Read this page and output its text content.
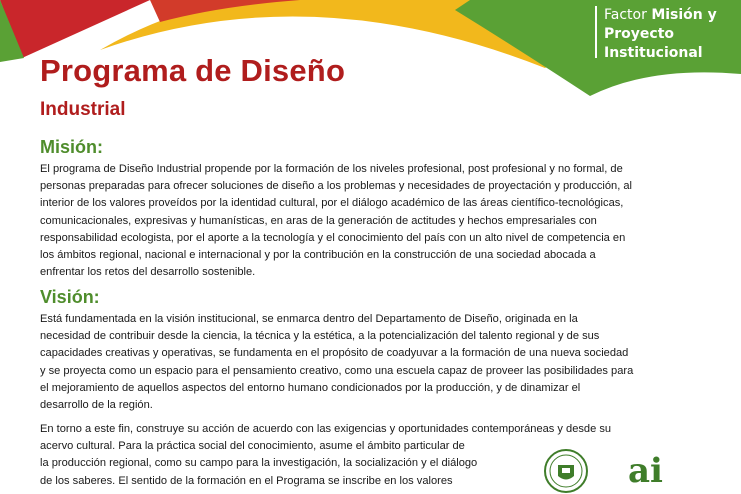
Factor Misión y
Proyecto
Institucional
Programa de Diseño
Industrial
Misión:
El programa de Diseño Industrial propende por la formación de los niveles profesional, post profesional y no formal, de
personas preparadas para ofrecer soluciones de diseño a los problemas y necesidades de proyectación y producción, al
interior de los valores proveídos por la identidad cultural, por el diálogo académico de las áreas científico-tecnológicas,
comunicacionales, expresivas y humanísticas, en aras de la generación de actitudes y hechos empresariales con
responsabilidad ecologista, por el aporte a la tecnología y el conocimiento del país con un alto nivel de competencia en
los ámbitos regional, nacional e internacional y por la contribución en la construcción de una sociedad abocada a
enfrentar los retos del desarrollo sostenible.
Visión:
Está fundamentada en la visión institucional, se enmarca dentro del Departamento de Diseño, originada en la
necesidad de contribuir desde la ciencia, la técnica y la estética, a la potencialización del talento regional y de sus
capacidades creativas y operativas, se fundamenta en el propósito de coadyuvar a la formación de una nueva sociedad
y se proyecta como un espacio para el pensamiento creativo, como una escuela capaz de proveer las posibilidades para
el mejoramiento de aquellos aspectos del entorno humano condicionados por la producción, y de dinamizar el
desarrollo de la región.
En torno a este fin, construye su acción de acuerdo con las exigencias y oportunidades contemporáneas y desde su
acervo cultural. Para la práctica social del conocimiento, asume el ámbito particular de
la producción regional, como su campo para la investigación, la socialización y el diálogo
de los saberes. El sentido de la formación en el Programa se inscribe en los valores	ai
